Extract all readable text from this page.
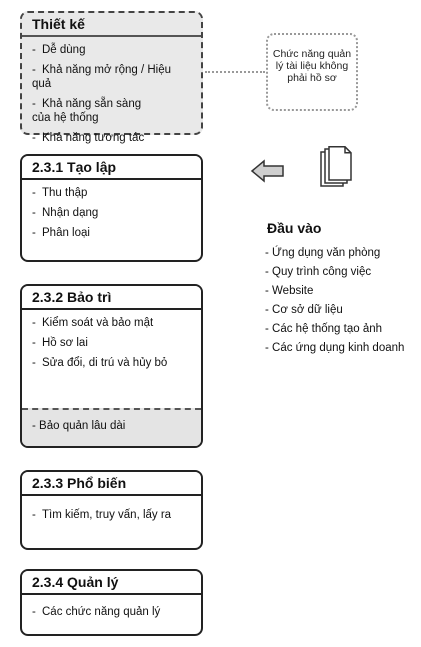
Thiết kế
- Dễ dùng
- Khả năng mở rộng / Hiệu quả
- Khả năng sẵn sàng của hệ thống
- Khả năng tương tác
Chức năng quản lý tài liệu không phải hồ sơ
2.3.1 Tạo lập
- Thu thập
- Nhận dạng
- Phân loại
2.3.2 Bảo trì
- Kiểm soát và bảo mật
- Hồ sơ lai
- Sửa đổi, di trú và hủy bỏ
- Bảo quản lâu dài
2.3.3 Phổ biến
- Tìm kiếm, truy vấn, lấy ra
2.3.4 Quản lý
- Các chức năng quản lý
Đầu vào
- Ứng dụng văn phòng
- Quy trình công việc
- Website
- Cơ sở dữ liệu
- Các hệ thống tạo ảnh
- Các ứng dụng kinh doanh
